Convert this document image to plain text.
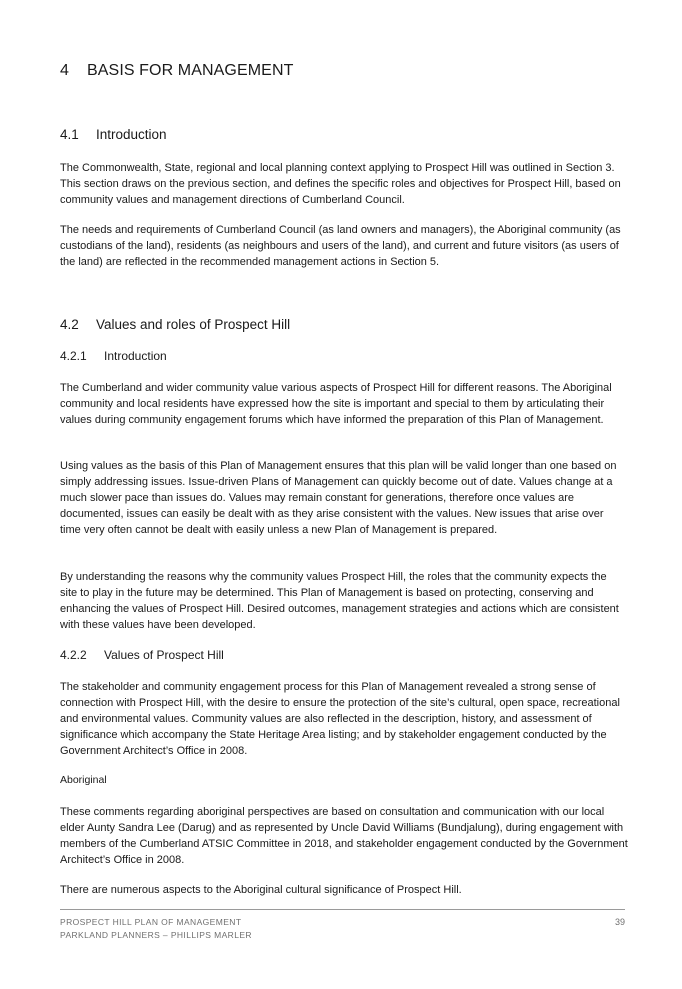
4 BASIS FOR MANAGEMENT
4.1 Introduction
The Commonwealth, State, regional and local planning context applying to Prospect Hill was outlined in Section 3. This section draws on the previous section, and defines the specific roles and objectives for Prospect Hill, based on community values and management directions of Cumberland Council.
The needs and requirements of Cumberland Council (as land owners and managers), the Aboriginal community (as custodians of the land), residents (as neighbours and users of the land), and current and future visitors (as users of the land) are reflected in the recommended management actions in Section 5.
4.2 Values and roles of Prospect Hill
4.2.1 Introduction
The Cumberland and wider community value various aspects of Prospect Hill for different reasons. The Aboriginal community and local residents have expressed how the site is important and special to them by articulating their values during community engagement forums which have informed the preparation of this Plan of Management.
Using values as the basis of this Plan of Management ensures that this plan will be valid longer than one based on simply addressing issues. Issue-driven Plans of Management can quickly become out of date. Values change at a much slower pace than issues do. Values may remain constant for generations, therefore once values are documented, issues can easily be dealt with as they arise consistent with the values. New issues that arise over time very often cannot be dealt with easily unless a new Plan of Management is prepared.
By understanding the reasons why the community values Prospect Hill, the roles that the community expects the site to play in the future may be determined. This Plan of Management is based on protecting, conserving and enhancing the values of Prospect Hill. Desired outcomes, management strategies and actions which are consistent with these values have been developed.
4.2.2 Values of Prospect Hill
The stakeholder and community engagement process for this Plan of Management revealed a strong sense of connection with Prospect Hill, with the desire to ensure the protection of the site’s cultural, open space, recreational and environmental values. Community values are also reflected in the description, history, and assessment of significance which accompany the State Heritage Area listing; and by stakeholder engagement conducted by the Government Architect’s Office in 2008.
Aboriginal
These comments regarding aboriginal perspectives are based on consultation and communication with our local elder Aunty Sandra Lee (Darug) and as represented by Uncle David Williams (Bundjalung), during engagement with members of the Cumberland ATSIC Committee in 2018, and stakeholder engagement conducted by the Government Architect’s Office in 2008.
There are numerous aspects to the Aboriginal cultural significance of Prospect Hill.
PROSPECT HILL PLAN OF MANAGEMENT
PARKLAND PLANNERS – PHILLIPS MARLER
39
